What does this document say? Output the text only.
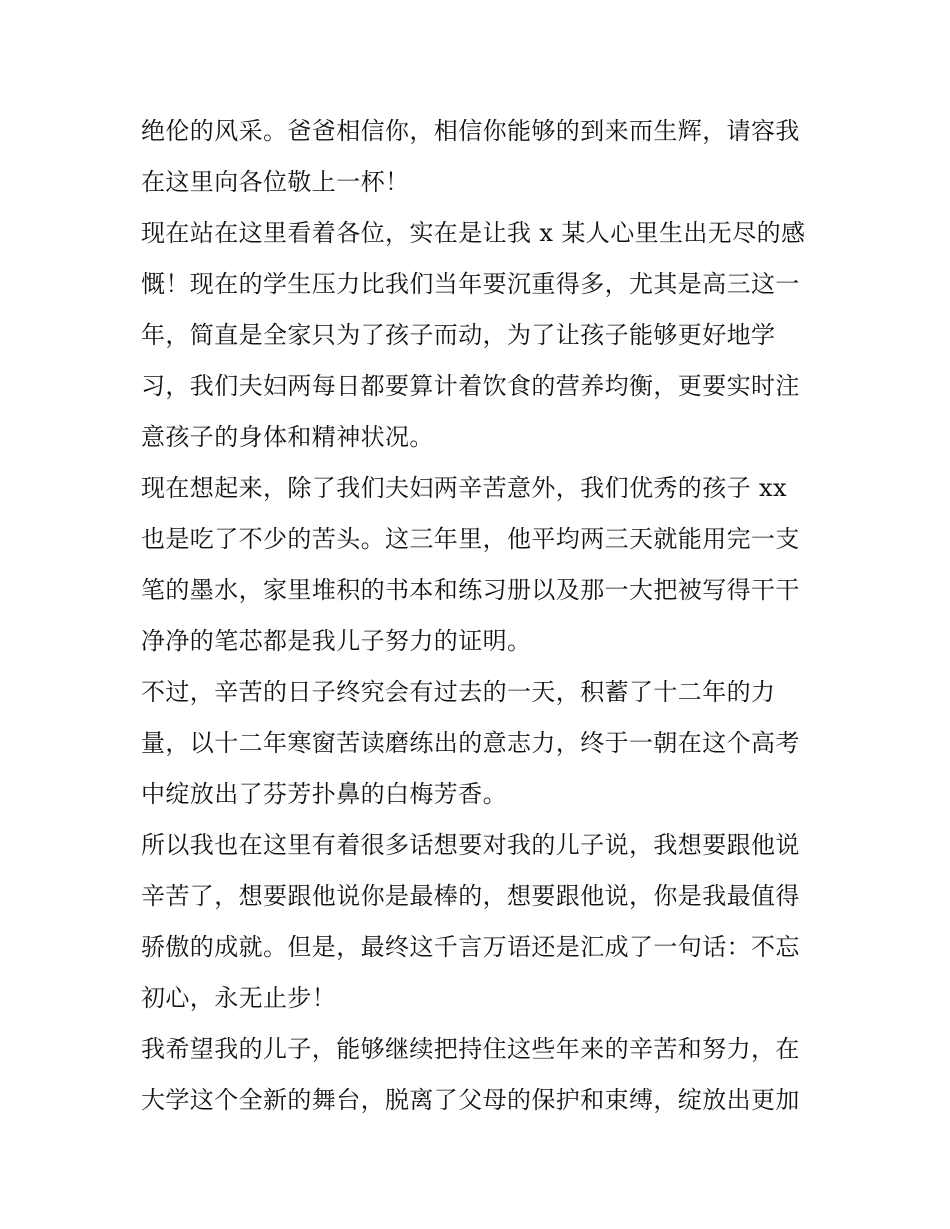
绝伦的风采。爸爸相信你，相信你能够的到来而生辉，请容我
在这里向各位敬上一杯！
现在站在这里看着各位，实在是让我 x 某人心里生出无尽的感
慨！现在的学生压力比我们当年要沉重得多，尤其是高三这一
年，简直是全家只为了孩子而动，为了让孩子能够更好地学
习，我们夫妇两每日都要算计着饮食的营养均衡，更要实时注
意孩子的身体和精神状况。
现在想起来，除了我们夫妇两辛苦意外，我们优秀的孩子 xx
也是吃了不少的苦头。这三年里，他平均两三天就能用完一支
笔的墨水，家里堆积的书本和练习册以及那一大把被写得干干
净净的笔芯都是我儿子努力的证明。
不过，辛苦的日子终究会有过去的一天，积蓄了十二年的力
量，以十二年寒窗苦读磨练出的意志力，终于一朝在这个高考
中绽放出了芬芳扑鼻的白梅芳香。
所以我也在这里有着很多话想要对我的儿子说，我想要跟他说
辛苦了，想要跟他说你是最棒的，想要跟他说，你是我最值得
骄傲的成就。但是，最终这千言万语还是汇成了一句话：不忘
初心，永无止步！
我希望我的儿子，能够继续把持住这些年来的辛苦和努力，在
大学这个全新的舞台，脱离了父母的保护和束缚，绽放出更加
